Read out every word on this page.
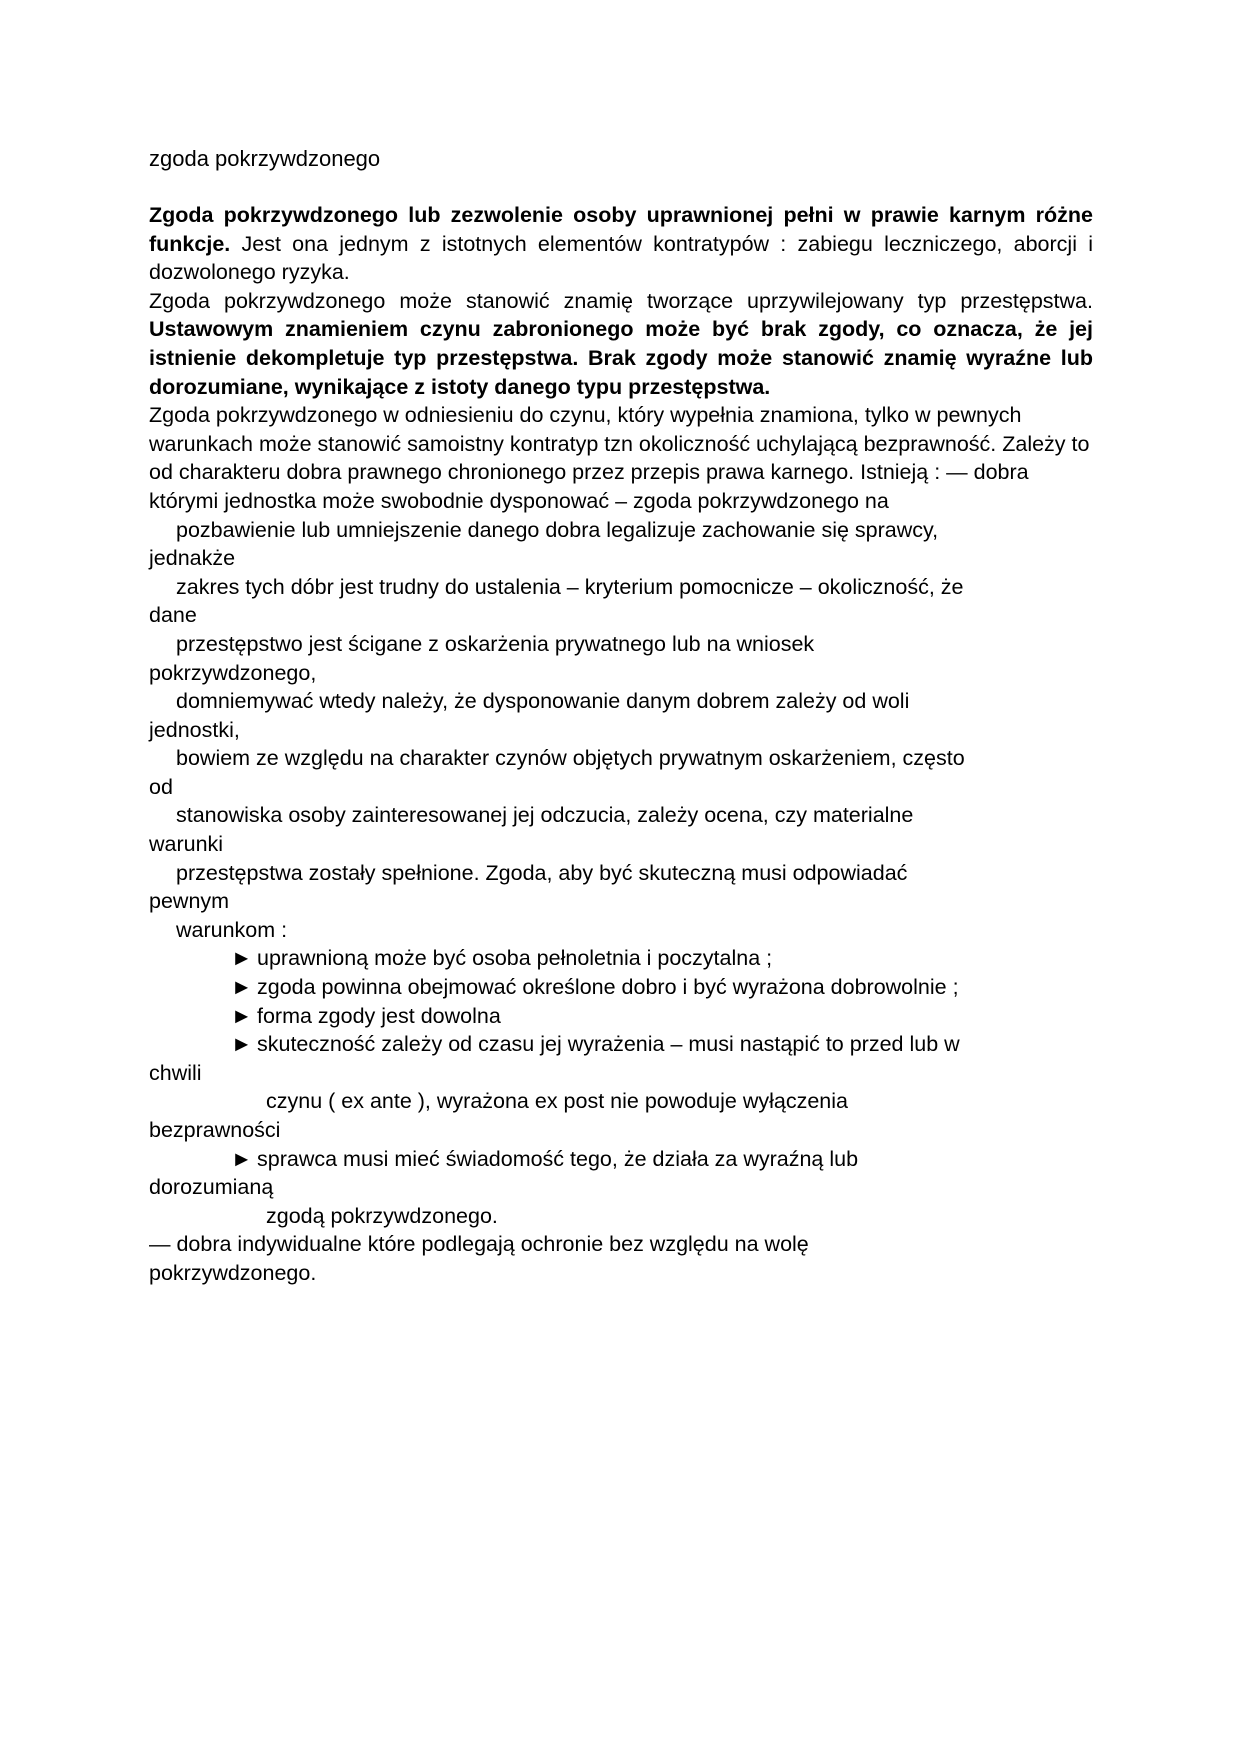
zgoda pokrzywdzonego

Zgoda pokrzywdzonego lub zezwolenie osoby uprawnionej pełni w prawie karnym różne funkcje. Jest ona jednym z istotnych elementów kontratypów : zabiegu leczniczego, aborcji i dozwolonego ryzyka.

Zgoda pokrzywdzonego może stanowić znamię tworzące uprzywilejowany typ przestępstwa. Ustawowym znamieniem czynu zabronionego może być brak zgody, co oznacza, że jej istnienie dekompletuje typ przestępstwa. Brak zgody może stanowić znamię wyraźne lub dorozumiane, wynikające z istoty danego typu przestępstwa.

Zgoda pokrzywdzonego w odniesieniu do czynu, który wypełnia znamiona, tylko w pewnych warunkach może stanowić samoistny kontratyp tzn okoliczność uchylającą bezprawność. Zależy to od charakteru dobra prawnego chronionego przez przepis prawa karnego. Istnieją : — dobra którymi jednostka może swobodnie dysponować – zgoda pokrzywdzonego na

pozbawienie lub umniejszenie danego dobra legalizuje zachowanie się sprawcy,
jednakże
zakres tych dóbr jest trudny do ustalenia – kryterium pomocnicze – okoliczność, że
dane
przestępstwo jest ścigane z oskarżenia prywatnego lub na wniosek
pokrzywdzonego,
domniemywać wtedy należy, że dysponowanie danym dobrem zależy od woli
jednostki,
bowiem ze względu na charakter czynów objętych prywatnym oskarżeniem, często
od
stanowiska osoby zainteresowanej jej odczucia, zależy ocena, czy materialne
warunki
przestępstwa zostały spełnione. Zgoda, aby być skuteczną musi odpowiadać
pewnym
warunkom :
► uprawnioną może być osoba pełnoletnia i poczytalna ;
► zgoda powinna obejmować określone dobro i być wyrażona dobrowolnie ;
► forma zgody jest dowolna
► skuteczność zależy od czasu jej wyrażenia – musi nastąpić to przed lub w
chwili
czynu ( ex ante ), wyrażona ex post nie powoduje wyłączenia
bezprawności
► sprawca musi mieć świadomość tego, że działa za wyraźną lub
dorozumianą
zgodą pokrzywdzonego.
— dobra indywidualne które podlegają ochronie bez względu na wolę
pokrzywdzonego.
